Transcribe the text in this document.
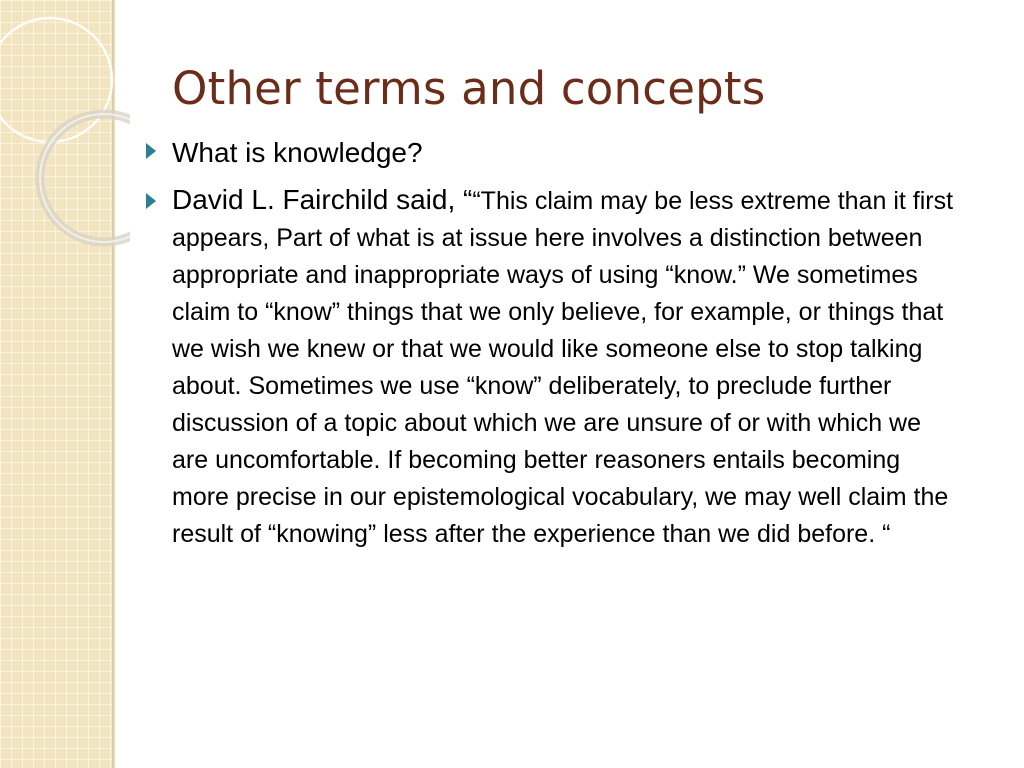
Other terms and concepts
What is knowledge?
David L. Fairchild said, ““This claim may be less extreme than it first appears, Part of what is at issue here involves a distinction between appropriate and inappropriate ways of using “know.” We sometimes claim to “know” things that we only believe, for example, or things that we wish we knew or that we would like someone else to stop talking about. Sometimes we use “know” deliberately, to preclude further discussion of a topic about which we are unsure of or with which we are uncomfortable. If becoming better reasoners entails becoming more precise in our epistemological vocabulary, we may well claim the result of “knowing” less after the experience than we did before. “
